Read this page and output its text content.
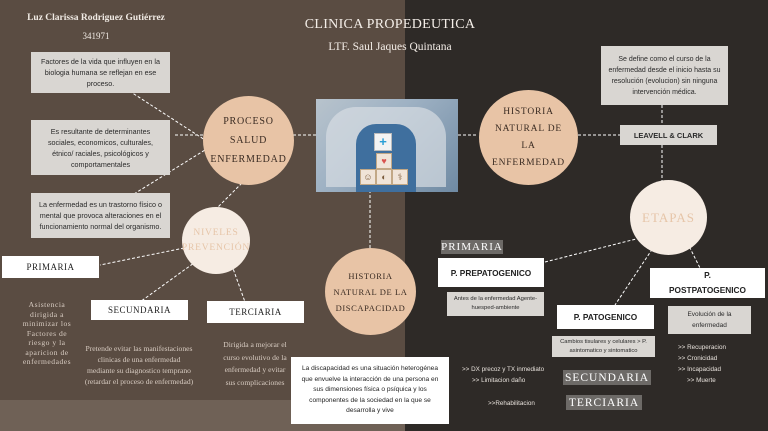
Luz Clarissa Rodriguez Gutiérrez
341971
CLINICA PROPEDEUTICA
LTF. Saul Jaques Quintana
Factores de la vida que influyen en la biologia humana se reflejan en ese proceso.
Es resultante de determinantes sociales, economicos, culturales, étnico/ raciales, psicológicos y comportamentales
La enfermedad es un trastorno físico o mental que provoca alteraciones en el funcionamiento normal del organismo.
PROCESO SALUD ENFERMEDAD
+
♥
☺ ◐	⚕
HISTORIA NATURAL DE LA ENFERMEDAD
Se define como el curso de la enfermedad desde el inicio hasta su resolución (evolucion) sin ninguna intervención médica.
LEAVELL & CLARK
ETAPAS
NIVELES PREVENCIÓN
HISTORIA NATURAL DE LA DISCAPACIDAD
PRIMARIA
SECUNDARIA	TERCIARIA
Asistencia dirigida a minimizar los Factores de riesgo y la aparicion de enfermedades
Pretende evitar las manifestaciones clinicas de una enfermedad mediante su diagnostico temprano (retardar el proceso de enfermedad)
Dirigida a mejorar el curso evolutivo de la enfermedad y evitar sus complicaciones
La discapacidad es una situación heterogénea que envuelve la interacción de una persona en sus dimensiones física o psíquica y los componentes de la sociedad en la que se desarrolla y vive
PRIMARIA
P. PREPATOGENICO
Antes de la enfermedad Agente-huesped-ambiente
P. PATOGENICO
Cambios tisulares y celulares > P. asintomatico y sintomatico
P. POSTPATOGENICO
Evolución de la enfermedad
>> Recuperacion
>> Cronicidad
>> Incapacidad
>> Muerte
SECUNDARIA
TERCIARIA
>> DX precoz y TX inmediato
>> Limitacion daño
>>Rehabilitacion
